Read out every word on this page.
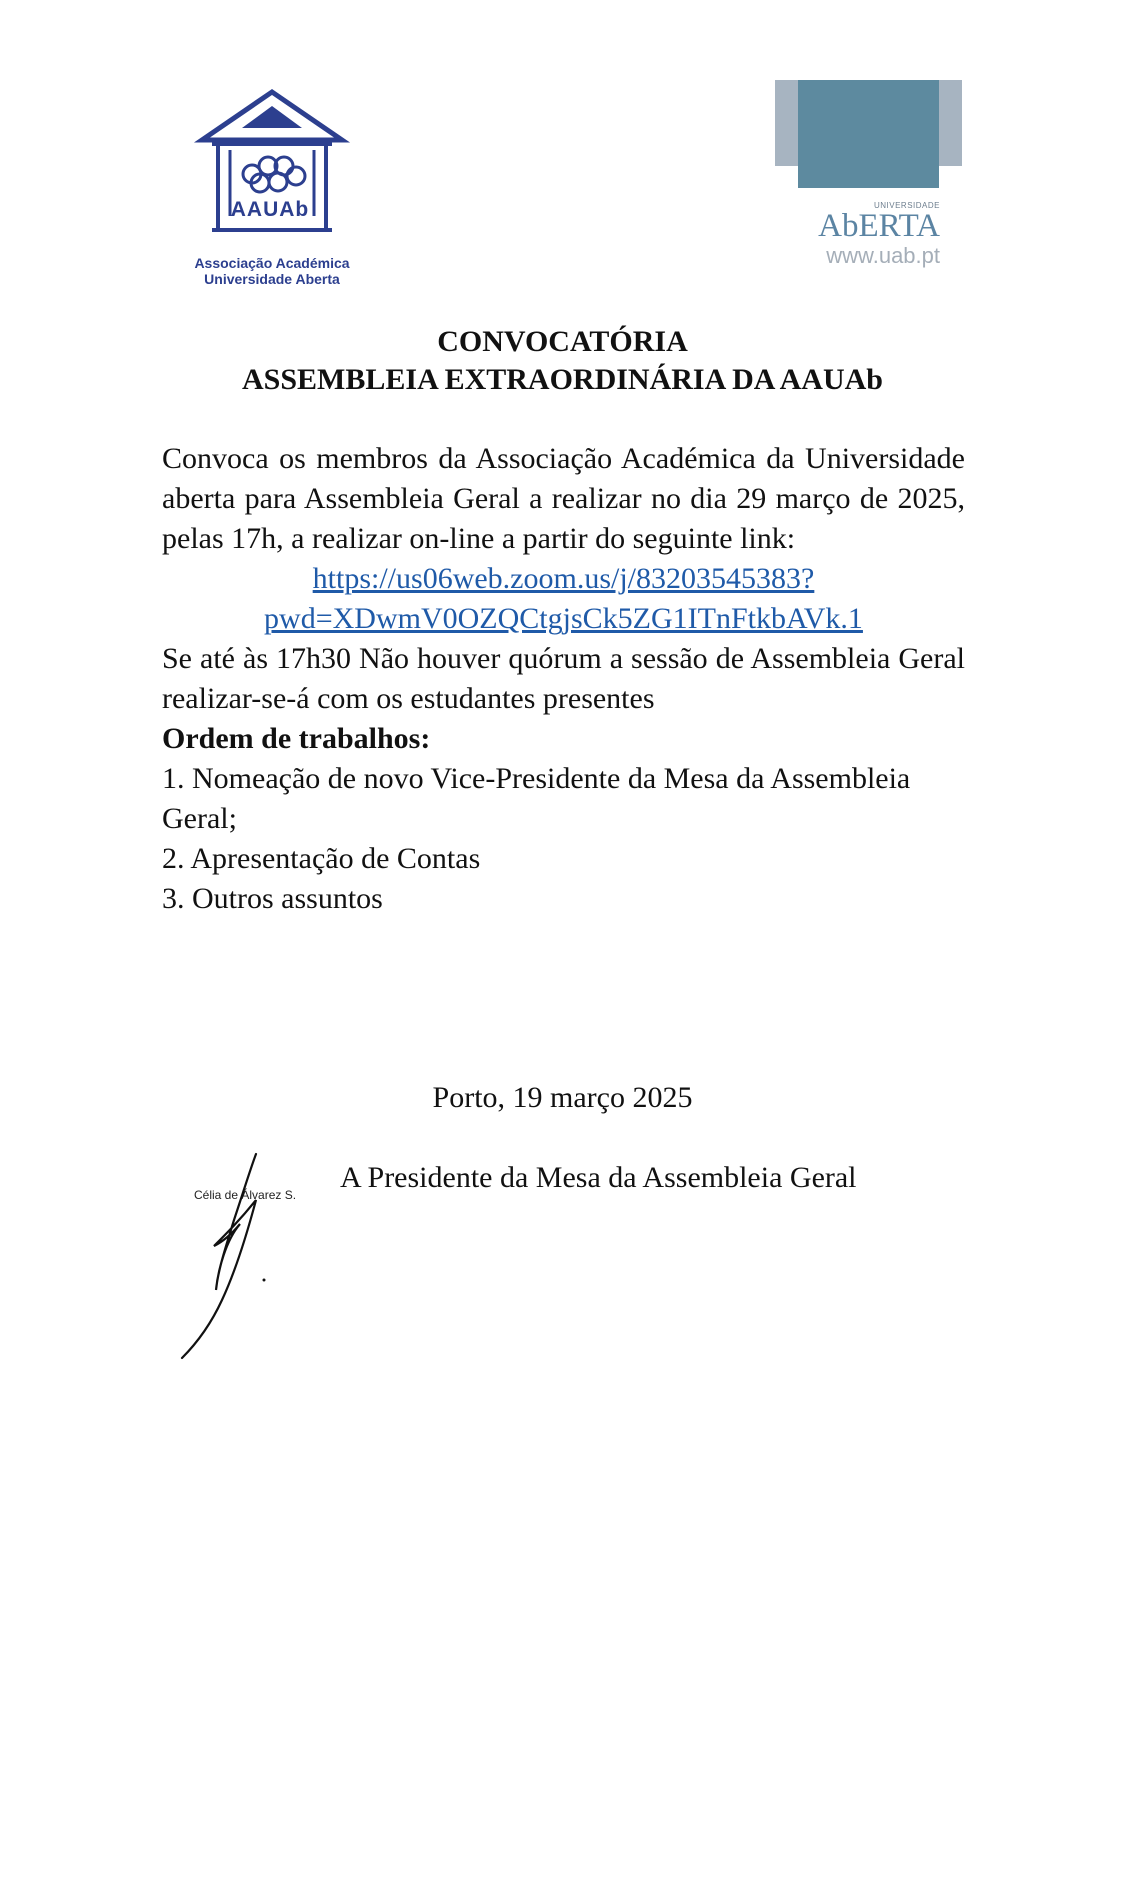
AAUAb
Associação Académica
Universidade Aberta
UNIVERSIDADE
AbERTA
www.uab.pt
CONVOCATÓRIA
ASSEMBLEIA EXTRAORDINÁRIA DA AAUAb

Convoca os membros da Associação Académica da Universidade aberta para Assembleia Geral a realizar no dia 29 março de 2025, pelas 17h, a realizar on-line a partir do seguinte link:

https://us06web.zoom.us/j/83203545383?

pwd=XDwmV0OZQCtgjsCk5ZG1ITnFtkbAVk.1

Se até às 17h30 Não houver quórum a sessão de Assembleia Geral realizar-se-á com os estudantes presentes

Ordem de trabalhos:

1. Nomeação de novo Vice-Presidente da Mesa da Assembleia Geral;

2. Apresentação de Contas

3. Outros assuntos

Porto, 19 março 2025
Célia de Álvarez S.
A Presidente da Mesa da Assembleia Geral
